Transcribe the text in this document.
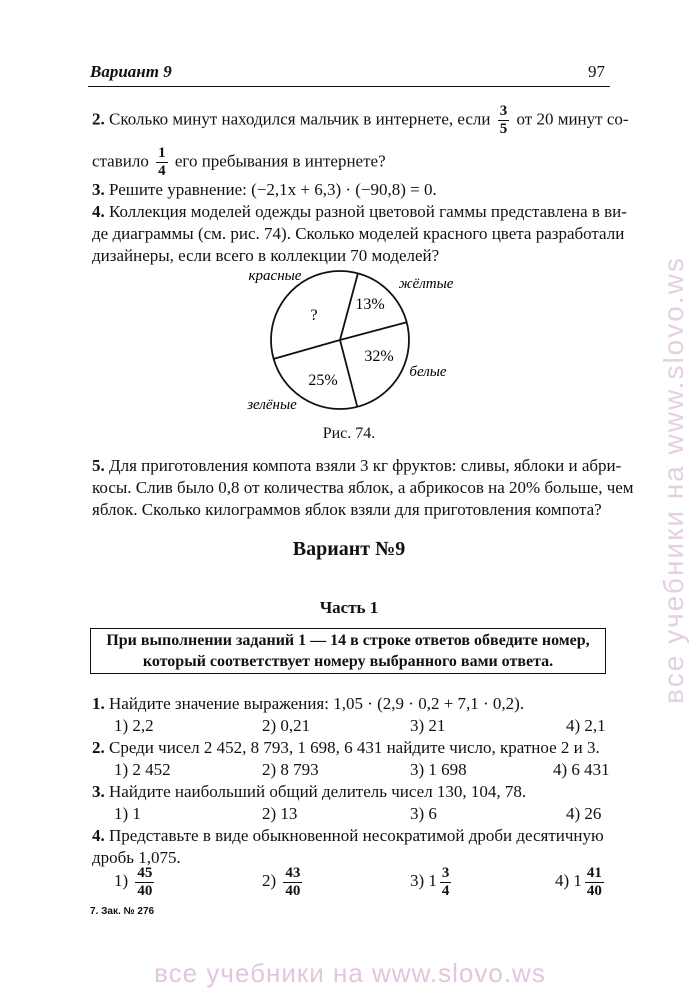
Вариант 9	97
2. Сколько минут находился мальчик в интернете, если $\frac{3}{5}$ от 20 минут со-
ставило $\frac{1}{4}$ его пребывания в интернете?
3. Решите уравнение: (−2,1x + 6,3) · (−90,8) = 0.
4. Коллекция моделей одежды разной цветовой гаммы представлена в ви-
де диаграммы (см. рис. 74). Сколько моделей красного цвета разработали
дизайнеры, если всего в коллекции 70 моделей?
?
13%
32%
25%
красные	жёлтые
белые
зелёные
Рис. 74.
5. Для приготовления компота взяли 3 кг фруктов: сливы, яблоки и абри-
косы. Слив было 0,8 от количества яблок, а абрикосов на 20% больше, чем
яблок. Сколько килограммов яблок взяли для приготовления компота?
Вариант №9
Часть 1
При выполнении заданий 1 — 14 в строке ответов обведите номер,
который соответствует номеру выбранного вами ответа.
1. Найдите значение выражения: 1,05 · (2,9 · 0,2 + 7,1 · 0,2).
1) 2,2	2) 0,21	3) 21	4) 2,1
2. Среди чисел 2 452, 8 793, 1 698, 6 431 найдите число, кратное 2 и 3.
1) 2 452	2) 8 793	3) 1 698	4) 6 431
3. Найдите наибольший общий делитель чисел 130, 104, 78.
1) 1	2) 13	3) 6	4) 26
4. Представьте в виде обыкновенной несократимой дроби десятичную
дробь 1,075.
$1) \frac{45}{40}$	$2) \frac{43}{40}$	3) $1 \frac{3}{4}$	4) $1 \frac{41}{40}$
7. Зак. № 276
все учебники на www.slovo.ws
все учебники на www.slovo.ws
